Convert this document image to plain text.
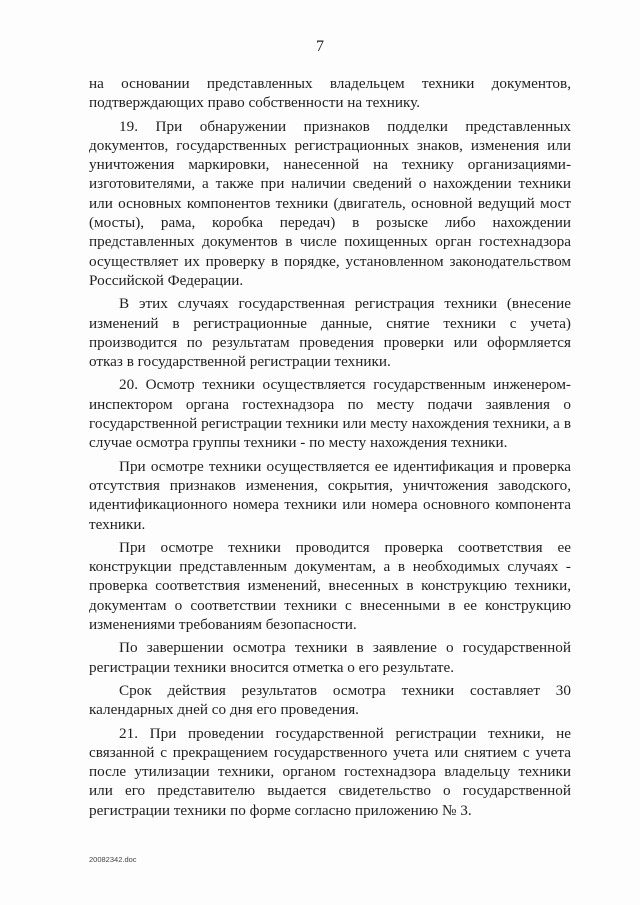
7

на основании представленных владельцем техники документов, подтверждающих право собственности на технику.

19. При обнаружении признаков подделки представленных документов, государственных регистрационных знаков, изменения или уничтожения маркировки, нанесенной на технику организациями-изготовителями, а также при наличии сведений о нахождении техники или основных компонентов техники (двигатель, основной ведущий мост (мосты), рама, коробка передач) в розыске либо нахождении представленных документов в числе похищенных орган гостехнадзора осуществляет их проверку в порядке, установленном законодательством Российской Федерации.

В этих случаях государственная регистрация техники (внесение изменений в регистрационные данные, снятие техники с учета) производится по результатам проведения проверки или оформляется отказ в государственной регистрации техники.

20. Осмотр техники осуществляется государственным инженером-инспектором органа гостехнадзора по месту подачи заявления о государственной регистрации техники или месту нахождения техники, а в случае осмотра группы техники - по месту нахождения техники.

При осмотре техники осуществляется ее идентификация и проверка отсутствия признаков изменения, сокрытия, уничтожения заводского, идентификационного номера техники или номера основного компонента техники.

При осмотре техники проводится проверка соответствия ее конструкции представленным документам, а в необходимых случаях - проверка соответствия изменений, внесенных в конструкцию техники, документам о соответствии техники с внесенными в ее конструкцию изменениями требованиям безопасности.

По завершении осмотра техники в заявление о государственной регистрации техники вносится отметка о его результате.

Срок действия результатов осмотра техники составляет 30 календарных дней со дня его проведения.

21. При проведении государственной регистрации техники, не связанной с прекращением государственного учета или снятием с учета после утилизации техники, органом гостехнадзора владельцу техники или его представителю выдается свидетельство о государственной регистрации техники по форме согласно приложению № 3.

20082342.doc
